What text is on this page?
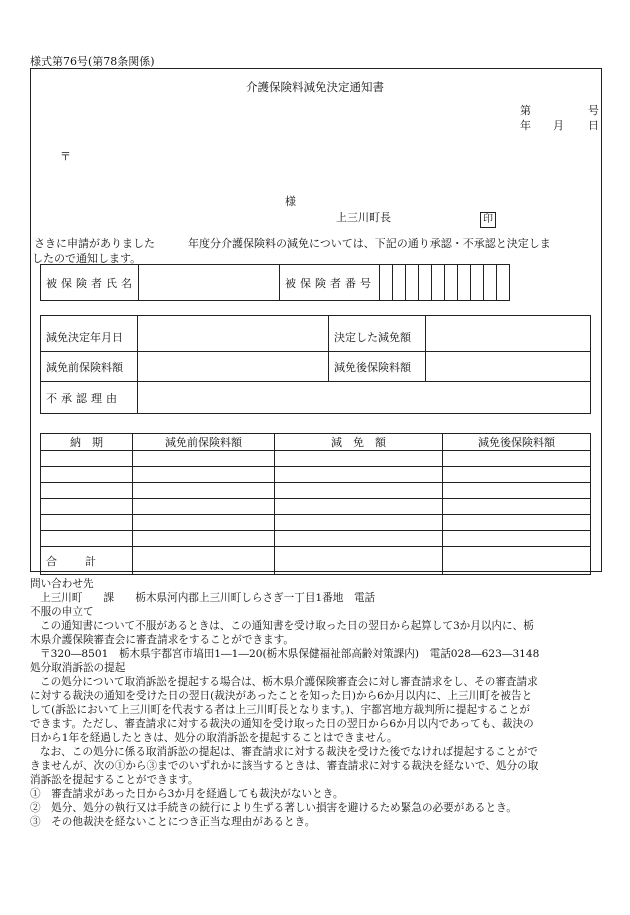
様式第76号(第78条関係)
介護保険料減免決定通知書
第	号
年 月 日
〒
様
上三川町長	印
さきに申請がありました　　　年度分介護保険料の減免については、下記の通り承認・不承認と決定しま
したので通知します。
被保険者氏名		被保険者番号										
減免決定年月日		決定した減免額	
減免前保険料額		減免後保険料額	
不承認理由			
納　期	減免前保険料額	減　免　額	減免後保険料額

合　　計			
問い合わせ先
上三川町　　課　　栃木県河内郡上三川町しらさぎ一丁目1番地　電話
不服の申立て
この通知書について不服があるときは、この通知書を受け取った日の翌日から起算して3か月以内に、栃
木県介護保険審査会に審査請求をすることができます。
〒320―8501　栃木県宇都宮市塙田1―1―20(栃木県保健福祉部高齢対策課内)　電話028―623―3148
処分取消訴訟の提起
この処分について取消訴訟を提起する場合は、栃木県介護保険審査会に対し審査請求をし、その審査請求
に対する裁決の通知を受けた日の翌日(裁決があったことを知った日)から6か月以内に、上三川町を被告と
して(訴訟において上三川町を代表する者は上三川町長となります。)、宇都宮地方裁判所に提起することが
できます。ただし、審査請求に対する裁決の通知を受け取った日の翌日から6か月以内であっても、裁決の
日から1年を経過したときは、処分の取消訴訟を提起することはできません。
なお、この処分に係る取消訴訟の提起は、審査請求に対する裁決を受けた後でなければ提起することがで
きませんが、次の①から③までのいずれかに該当するときは、審査請求に対する裁決を経ないで、処分の取
消訴訟を提起することができます。
①　審査請求があった日から3か月を経過しても裁決がないとき。
②　処分、処分の執行又は手続きの続行により生ずる著しい損害を避けるため緊急の必要があるとき。
③　その他裁決を経ないことにつき正当な理由があるとき。
